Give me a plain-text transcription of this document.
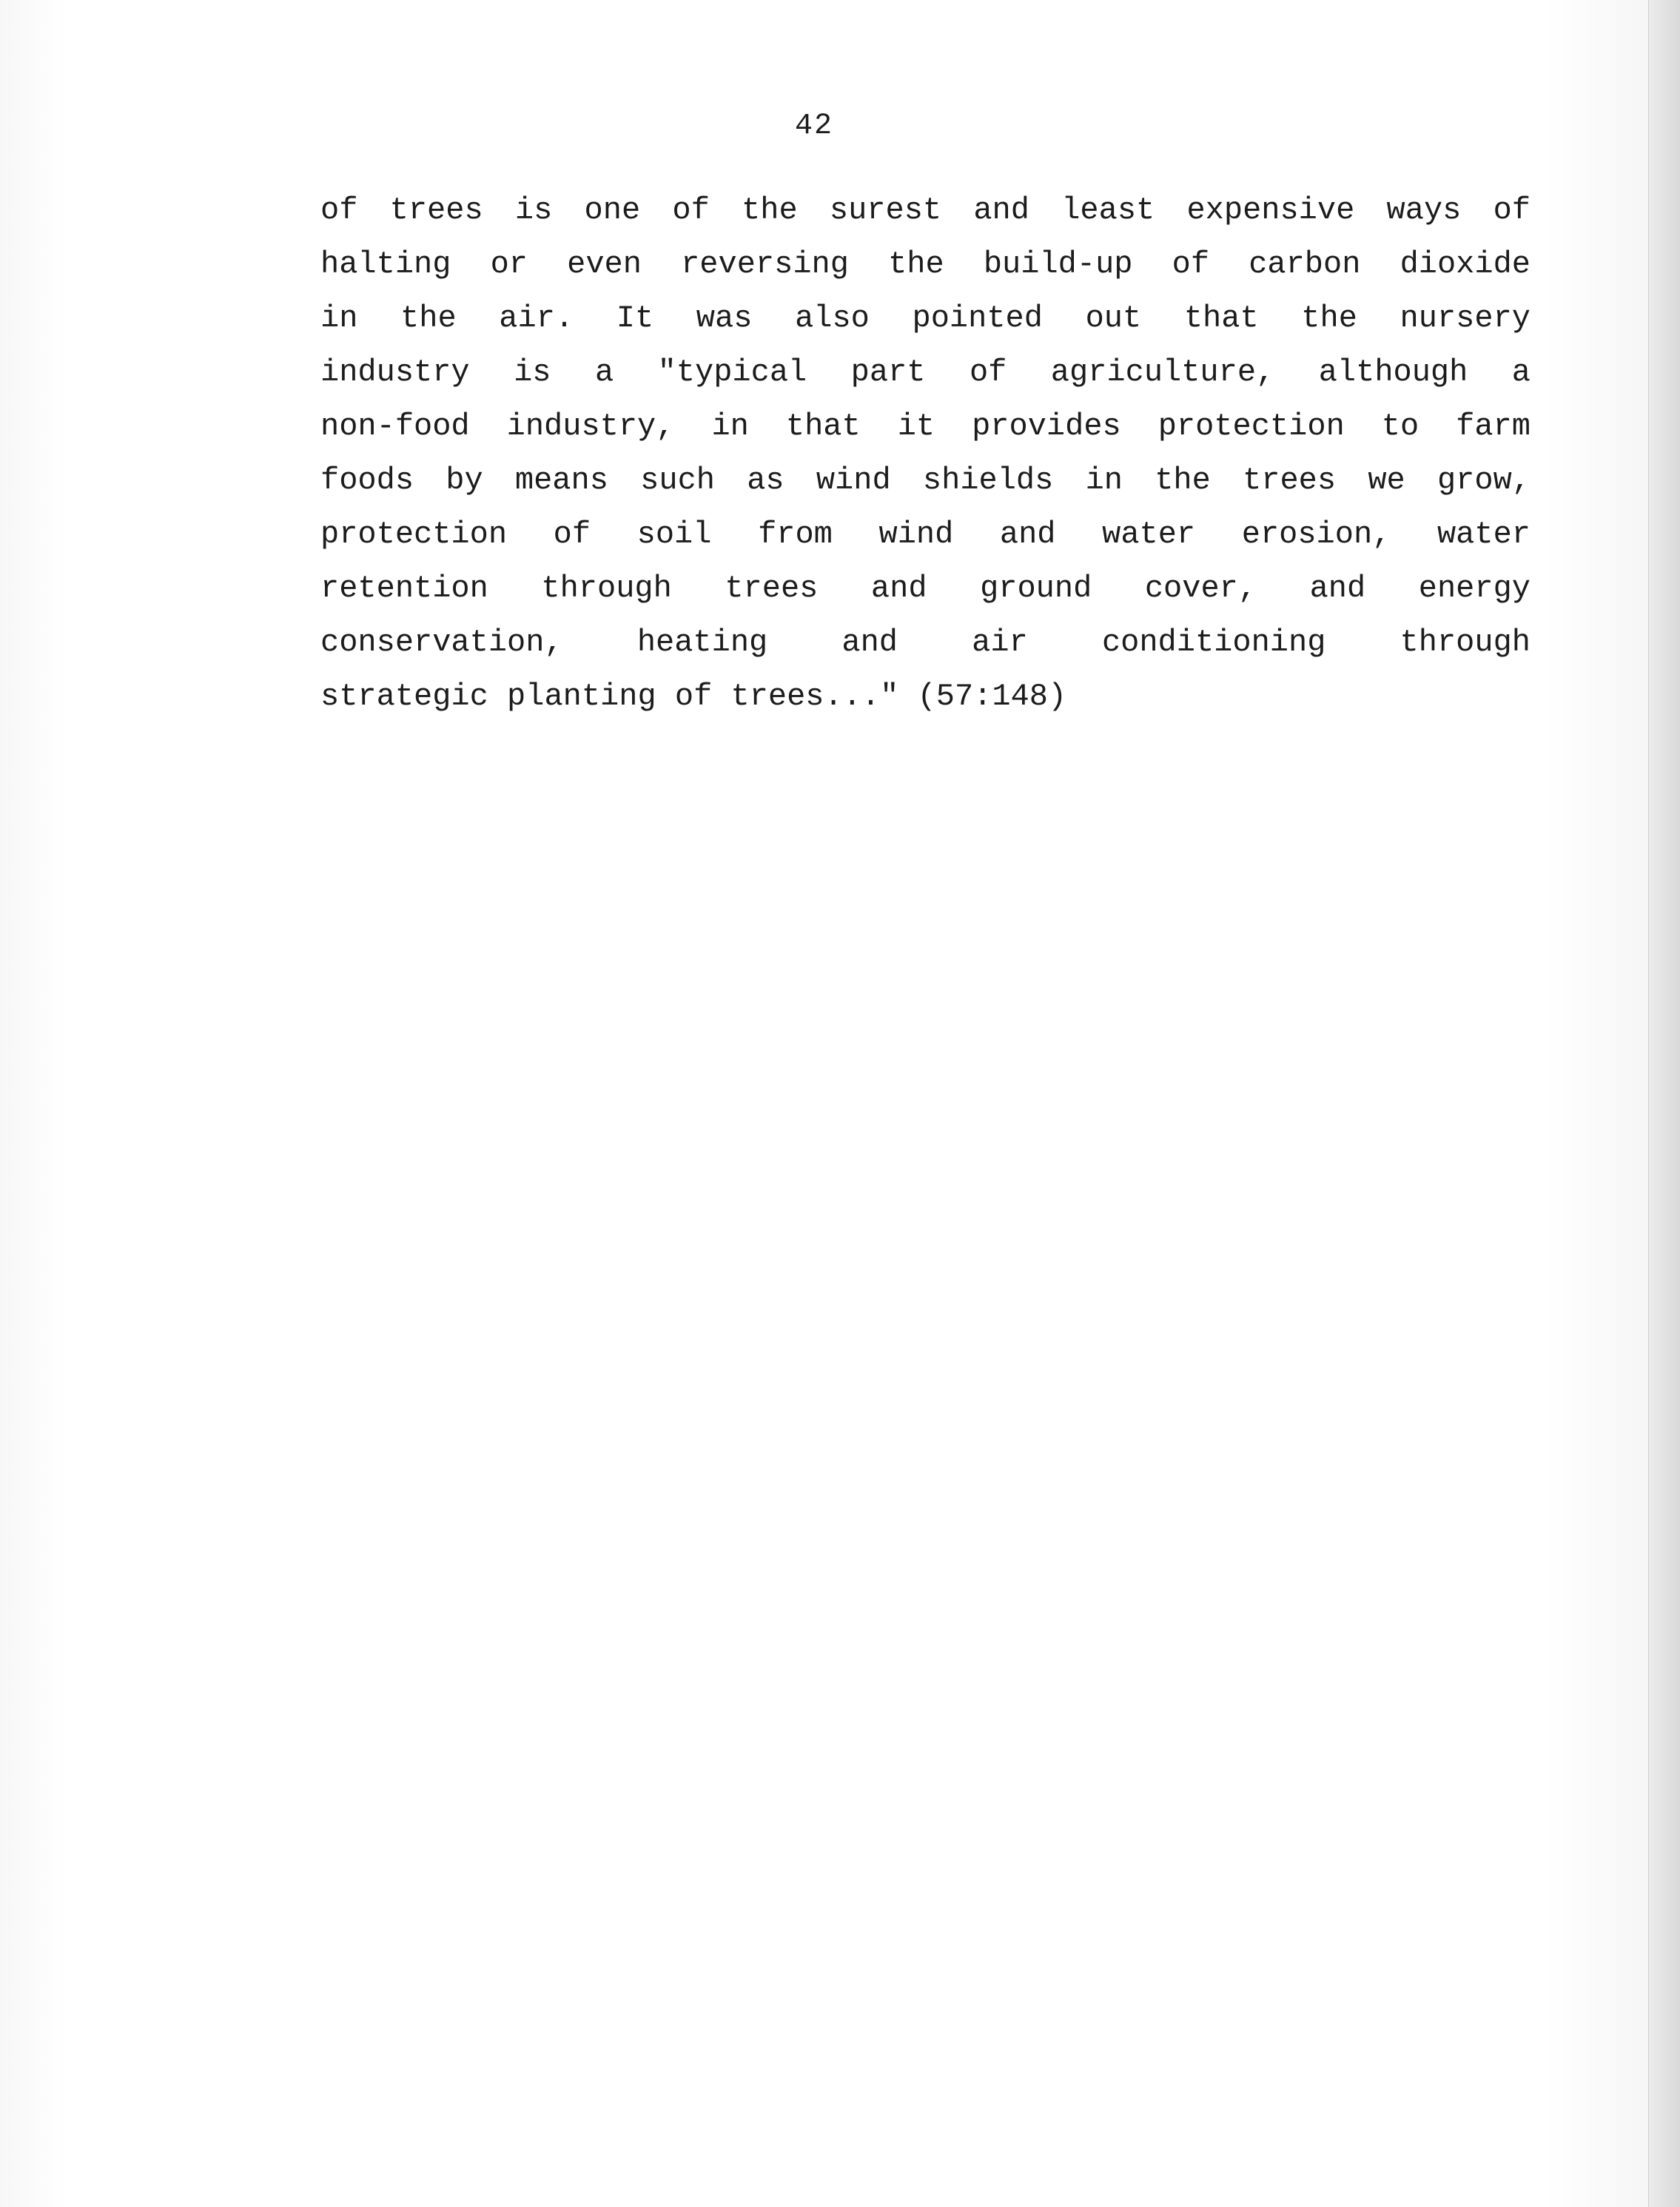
42
of trees is one of the surest and least expensive ways of
halting or even reversing the build-up of carbon dioxide
in the air. It was also pointed out that the nursery
industry is a "typical part of agriculture, although a
non-food industry, in that it provides protection to farm
foods by means such as wind shields in the trees we grow,
protection of soil from wind and water erosion, water
retention through trees and ground cover, and energy
conservation, heating and air conditioning through
strategic planting of trees..." (57:148)
